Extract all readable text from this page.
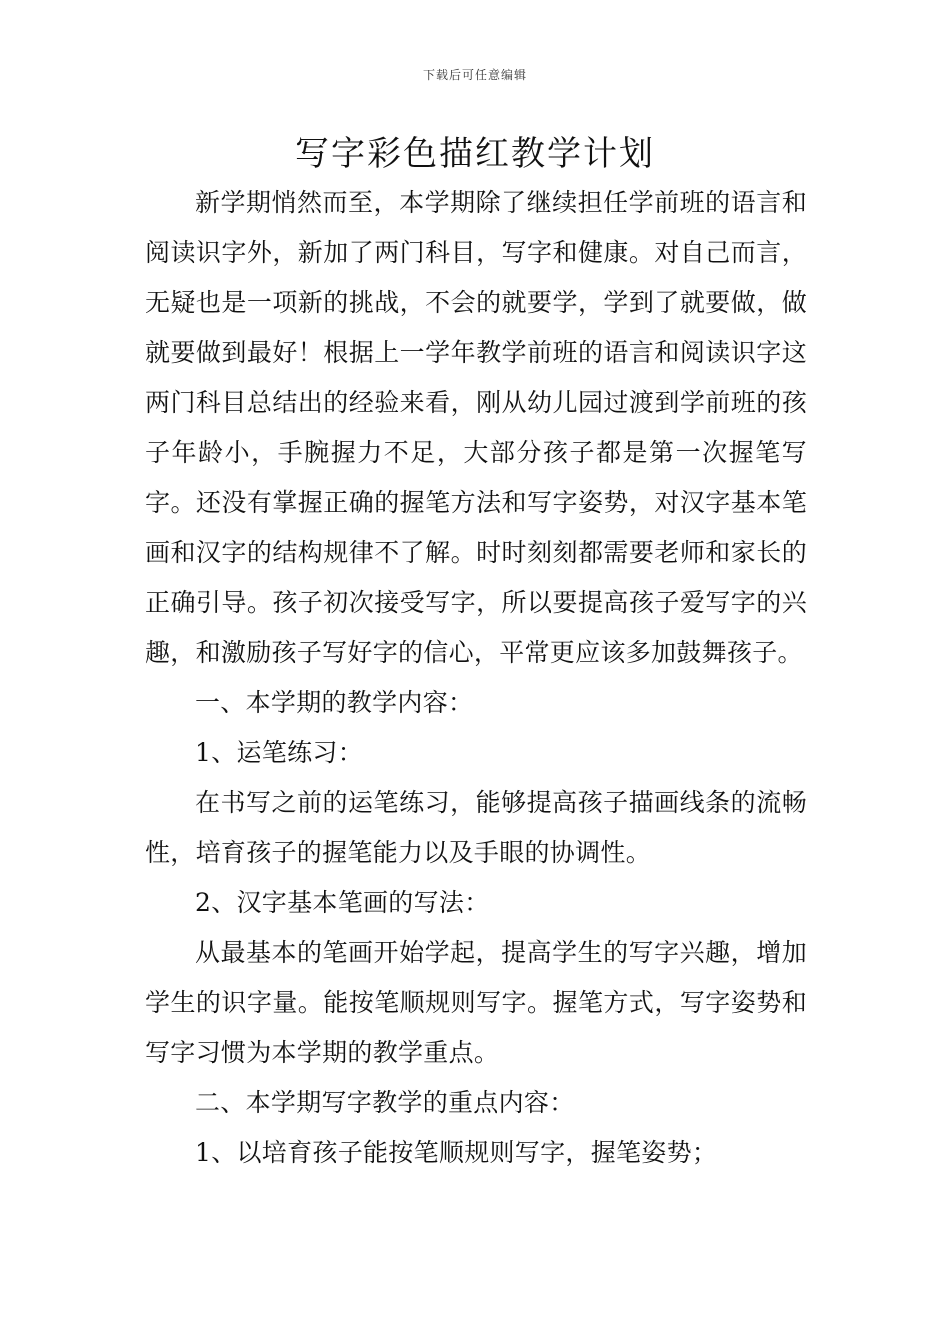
下载后可任意编辑
写字彩色描红教学计划

新学期悄然而至，本学期除了继续担任学前班的语言和阅读识字外，新加了两门科目，写字和健康。对自己而言，无疑也是一项新的挑战，不会的就要学，学到了就要做，做就要做到最好！根据上一学年教学前班的语言和阅读识字这两门科目总结出的经验来看，刚从幼儿园过渡到学前班的孩子年龄小，手腕握力不足，大部分孩子都是第一次握笔写字。还没有掌握正确的握笔方法和写字姿势，对汉字基本笔画和汉字的结构规律不了解。时时刻刻都需要老师和家长的正确引导。孩子初次接受写字，所以要提高孩子爱写字的兴趣，和激励孩子写好字的信心，平常更应该多加鼓舞孩子。

一、本学期的教学内容：

1、运笔练习：

在书写之前的运笔练习，能够提高孩子描画线条的流畅性，培育孩子的握笔能力以及手眼的协调性。

2、汉字基本笔画的写法：

从最基本的笔画开始学起，提高学生的写字兴趣，增加学生的识字量。能按笔顺规则写字。握笔方式，写字姿势和写字习惯为本学期的教学重点。

二、本学期写字教学的重点内容：

1、以培育孩子能按笔顺规则写字，握笔姿势；
